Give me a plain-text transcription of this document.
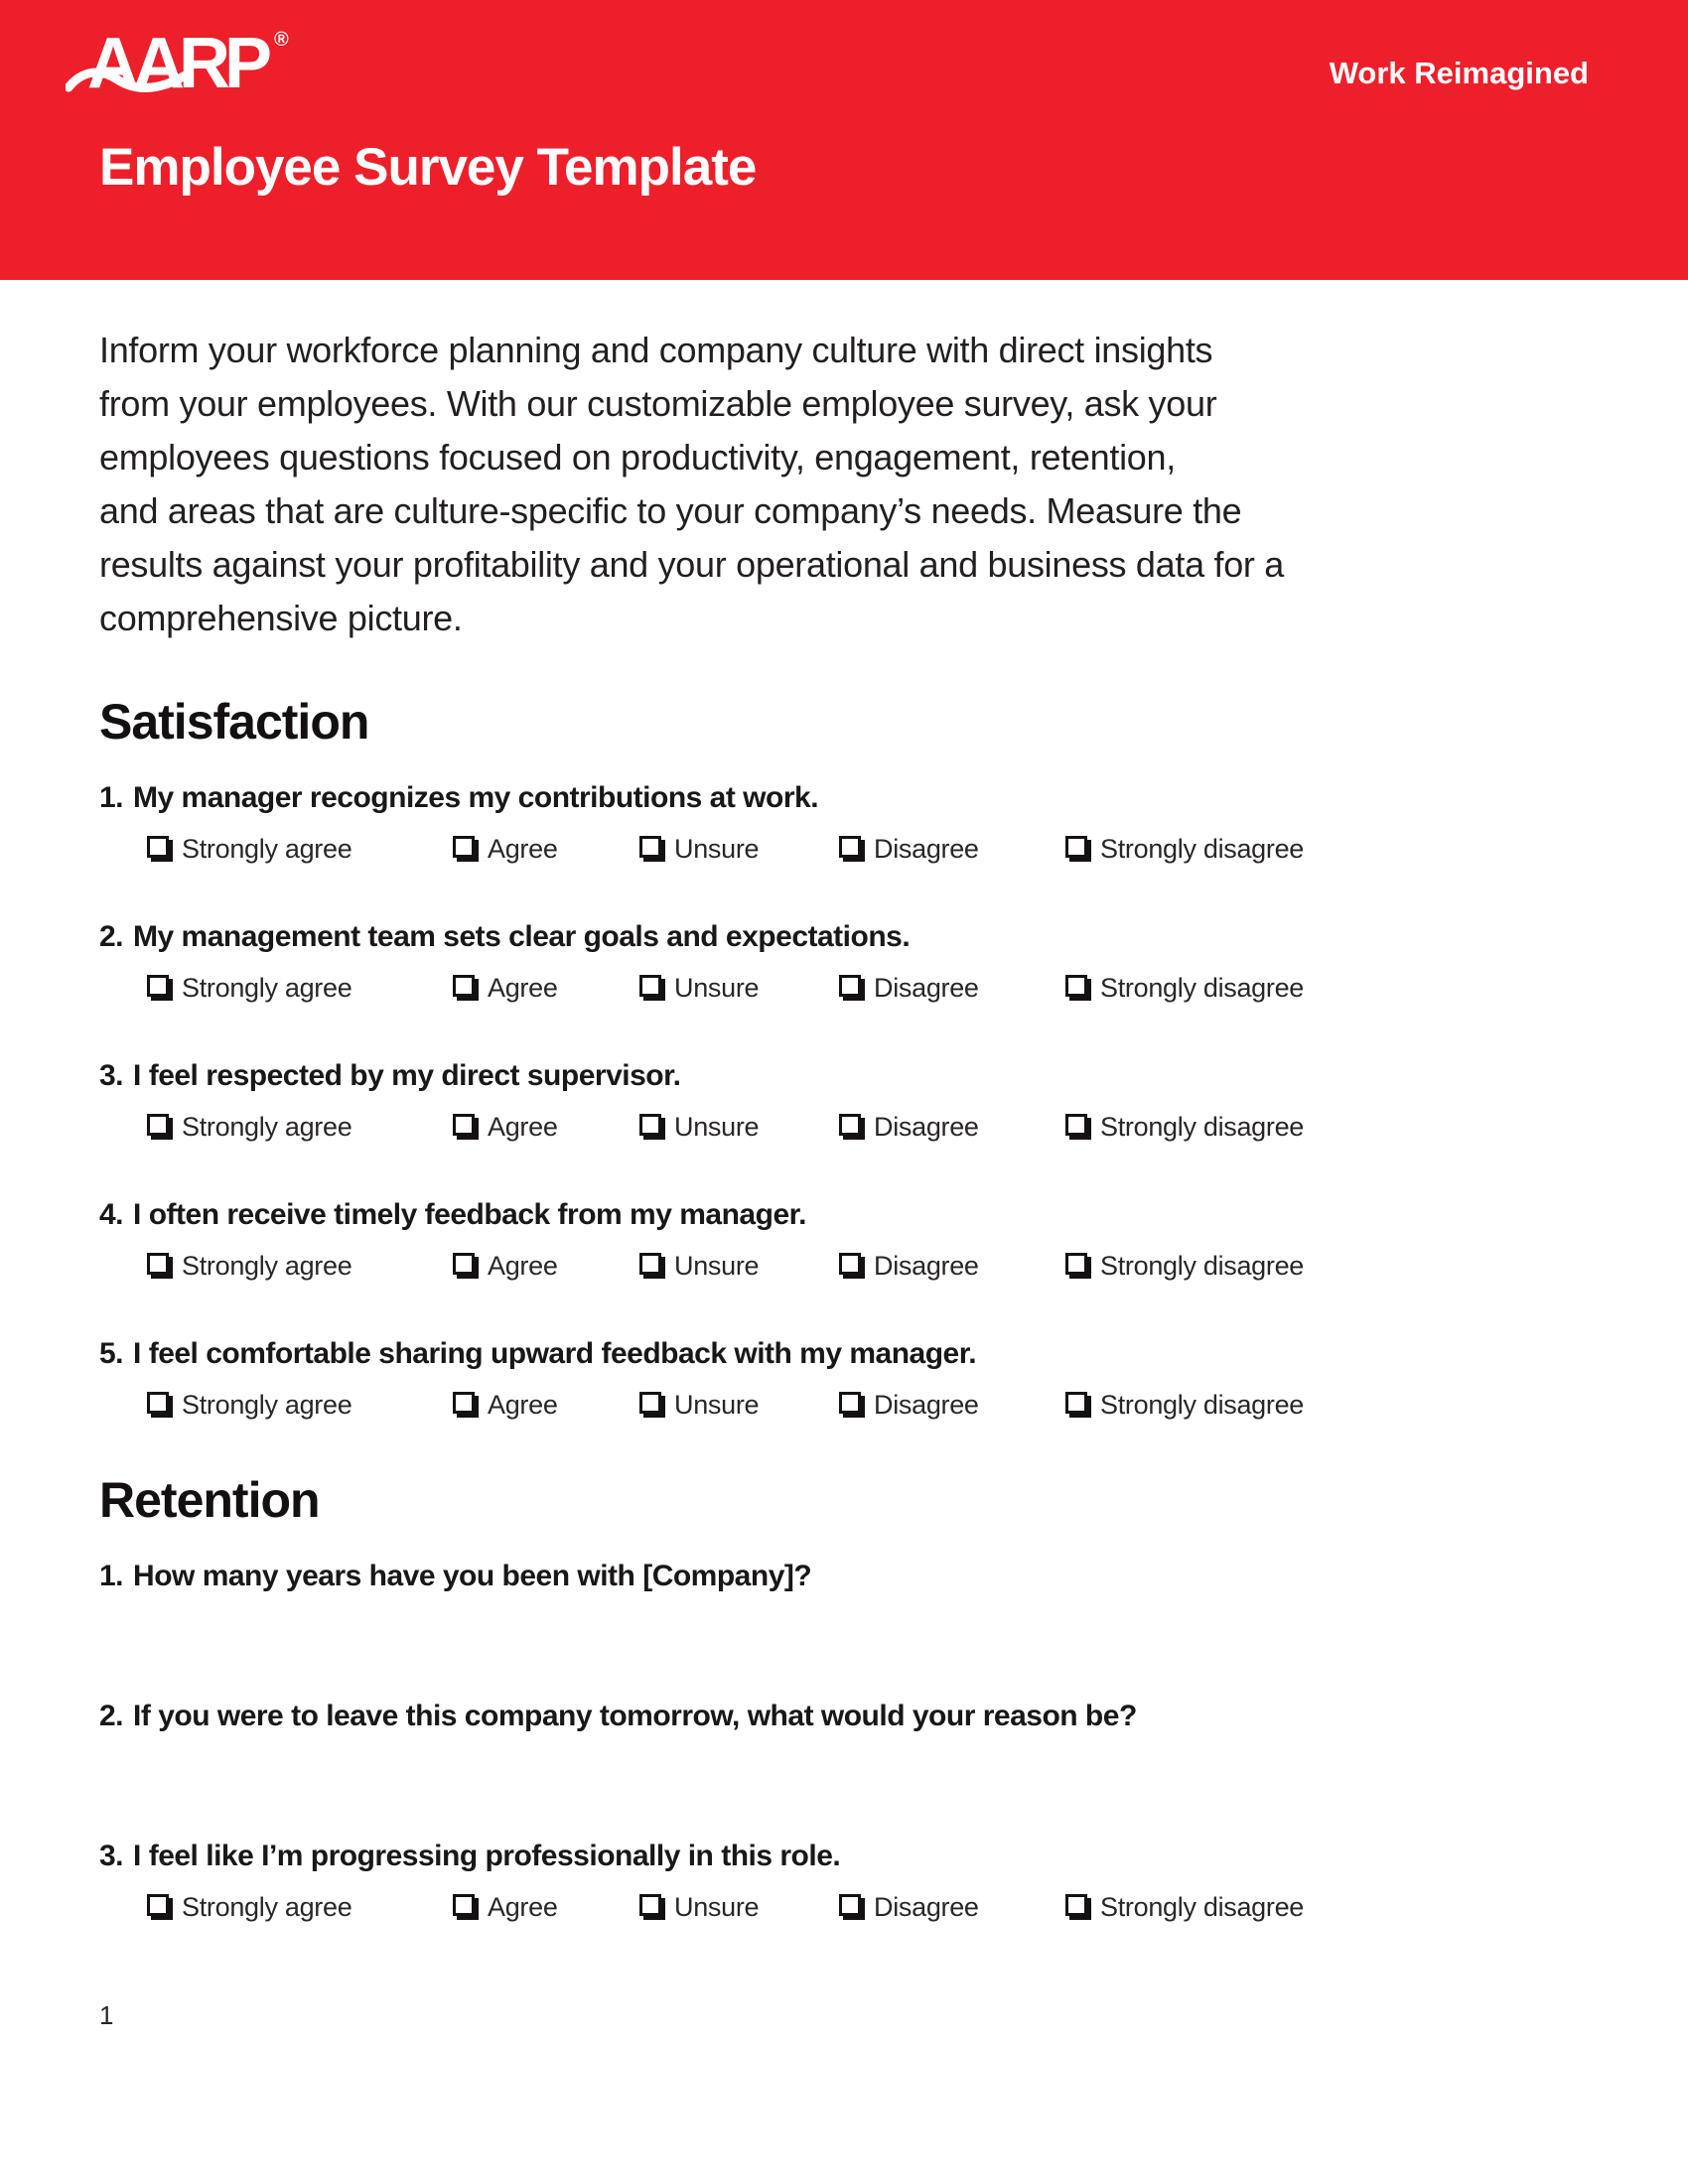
AARP ®
Work Reimagined
Employee Survey Template
Inform your workforce planning and company culture with direct insights
from your employees. With our customizable employee survey, ask your
employees questions focused on productivity, engagement, retention,
and areas that are culture-specific to your company’s needs. Measure the
results against your profitability and your operational and business data for a
comprehensive picture.
Satisfaction
1. My manager recognizes my contributions at work.
Strongly agree	Agree	Unsure	Disagree	Strongly disagree
2. My management team sets clear goals and expectations.
Strongly agree	Agree	Unsure	Disagree	Strongly disagree
3. I feel respected by my direct supervisor.
Strongly agree	Agree	Unsure	Disagree	Strongly disagree
4. I often receive timely feedback from my manager.
Strongly agree	Agree	Unsure	Disagree	Strongly disagree
5. I feel comfortable sharing upward feedback with my manager.
Strongly agree	Agree	Unsure	Disagree	Strongly disagree
Retention
1. How many years have you been with [Company]?
2. If you were to leave this company tomorrow, what would your reason be?
3. I feel like I’m progressing professionally in this role.
Strongly agree	Agree	Unsure	Disagree	Strongly disagree
1
